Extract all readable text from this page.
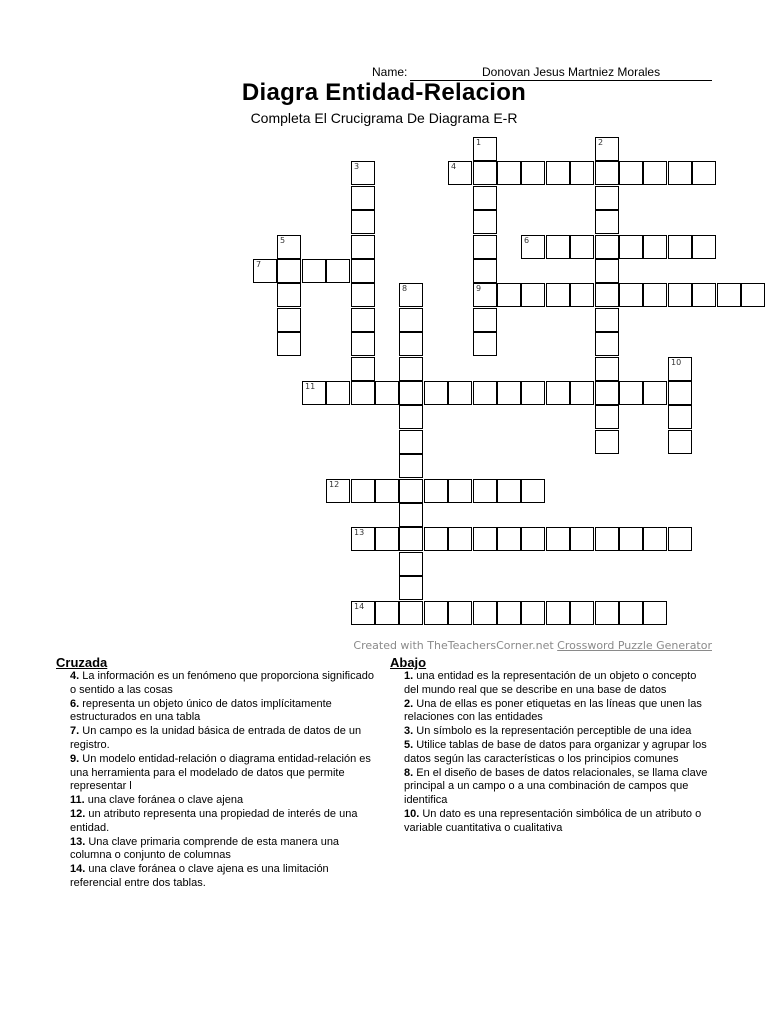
Name:	Donovan Jesus Martniez Morales
Diagra Entidad-Relacion
Completa El Crucigrama De Diagrama E-R
1
9
2
3	4
5	6
7
8
10
11
12
13
14
Created with TheTeachersCorner.net Crossword Puzzle Generator
Cruzada
4. La información es un fenómeno que proporciona significado o sentido a las cosas
6. representa un objeto único de datos implícitamente estructurados en una tabla
7. Un campo es la unidad básica de entrada de datos de un registro.
9. Un modelo entidad-relación o diagrama entidad-relación es una herramienta para el modelado de datos que permite representar l
11. una clave foránea o clave ajena
12. un atributo representa una propiedad de interés de una entidad.
13. Una clave primaria comprende de esta manera una columna o conjunto de columnas
14. una clave foránea o clave ajena es una limitación referencial entre dos tablas.
Abajo
1. una entidad es la representación de un objeto o concepto del mundo real que se describe en una base de datos
2. Una de ellas es poner etiquetas en las líneas que unen las relaciones con las entidades
3. Un símbolo es la representación perceptible de una idea
5. Utilice tablas de base de datos para organizar y agrupar los datos según las características o los principios comunes
8. En el diseño de bases de datos relacionales, se llama clave principal a un campo o a una combinación de campos que identifica
10. Un dato es una representación simbólica de un atributo o variable cuantitativa o cualitativa
